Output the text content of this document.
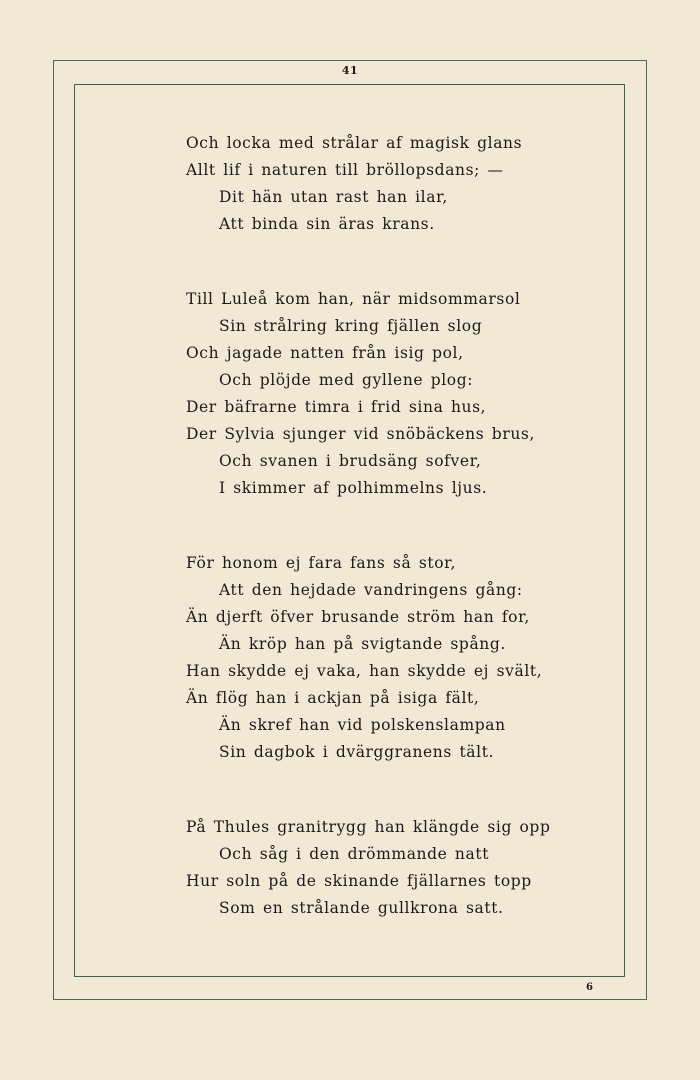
41
Och locka med strålar af magisk glans
Allt lif i naturen till bröllopsdans; —
Dit hän utan rast han ilar,
Att binda sin äras krans.
Till Luleå kom han, när midsommarsol
Sin strålring kring fjällen slog
Och jagade natten från isig pol,
Och plöjde med gyllene plog:
Der bäfrarne timra i frid sina hus,
Der Sylvia sjunger vid snöbäckens brus,
Och svanen i brudsäng sofver,
I skimmer af polhimmelns ljus.
För honom ej fara fans så stor,
Att den hejdade vandringens gång:
Än djerft öfver brusande ström han for,
Än kröp han på svigtande spång.
Han skydde ej vaka, han skydde ej svält,
Än flög han i ackjan på isiga fält,
Än skref han vid polskenslampan
Sin dagbok i dvärggranens tält.
På Thules granitrygg han klängde sig opp
Och såg i den drömmande natt
Hur soln på de skinande fjällarnes topp
Som en strålande gullkrona satt.
6
